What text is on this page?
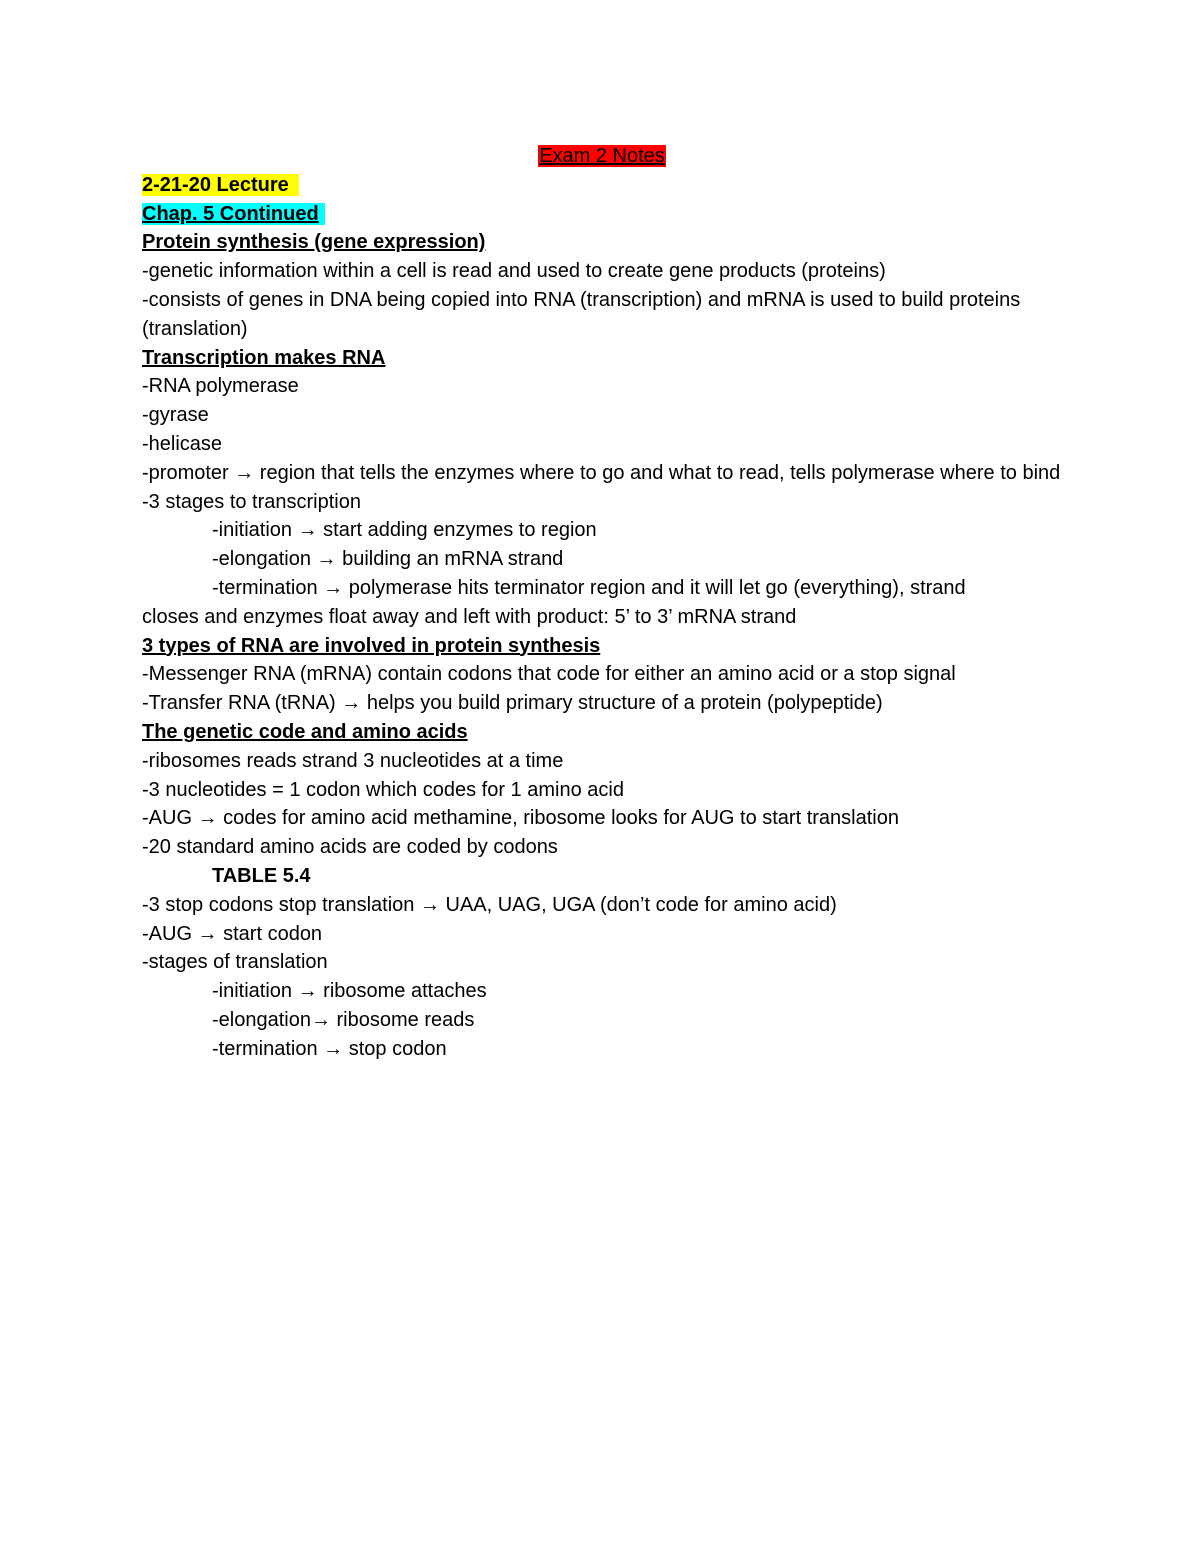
Exam 2 Notes
2-21-20 Lecture
Chap. 5 Continued
Protein synthesis (gene expression)
-genetic information within a cell is read and used to create gene products (proteins)
-consists of genes in DNA being copied into RNA (transcription) and mRNA is used to build proteins (translation)
Transcription makes RNA
-RNA polymerase
-gyrase
-helicase
-promoter → region that tells the enzymes where to go and what to read, tells polymerase where to bind
-3 stages to transcription
-initiation → start adding enzymes to region
-elongation → building an mRNA strand
-termination → polymerase hits terminator region and it will let go (everything), strand
closes and enzymes float away and left with product: 5’ to 3’ mRNA strand
3 types of RNA are involved in protein synthesis
-Messenger RNA (mRNA) contain codons that code for either an amino acid or a stop signal
-Transfer RNA (tRNA) → helps you build primary structure of a protein (polypeptide)
The genetic code and amino acids
-ribosomes reads strand 3 nucleotides at a time
-3 nucleotides = 1 codon which codes for 1 amino acid
-AUG → codes for amino acid methamine, ribosome looks for AUG to start translation
-20 standard amino acids are coded by codons
TABLE 5.4
-3 stop codons stop translation → UAA, UAG, UGA (don’t code for amino acid)
-AUG → start codon
-stages of translation
-initiation → ribosome attaches
-elongation→ ribosome reads
-termination → stop codon
